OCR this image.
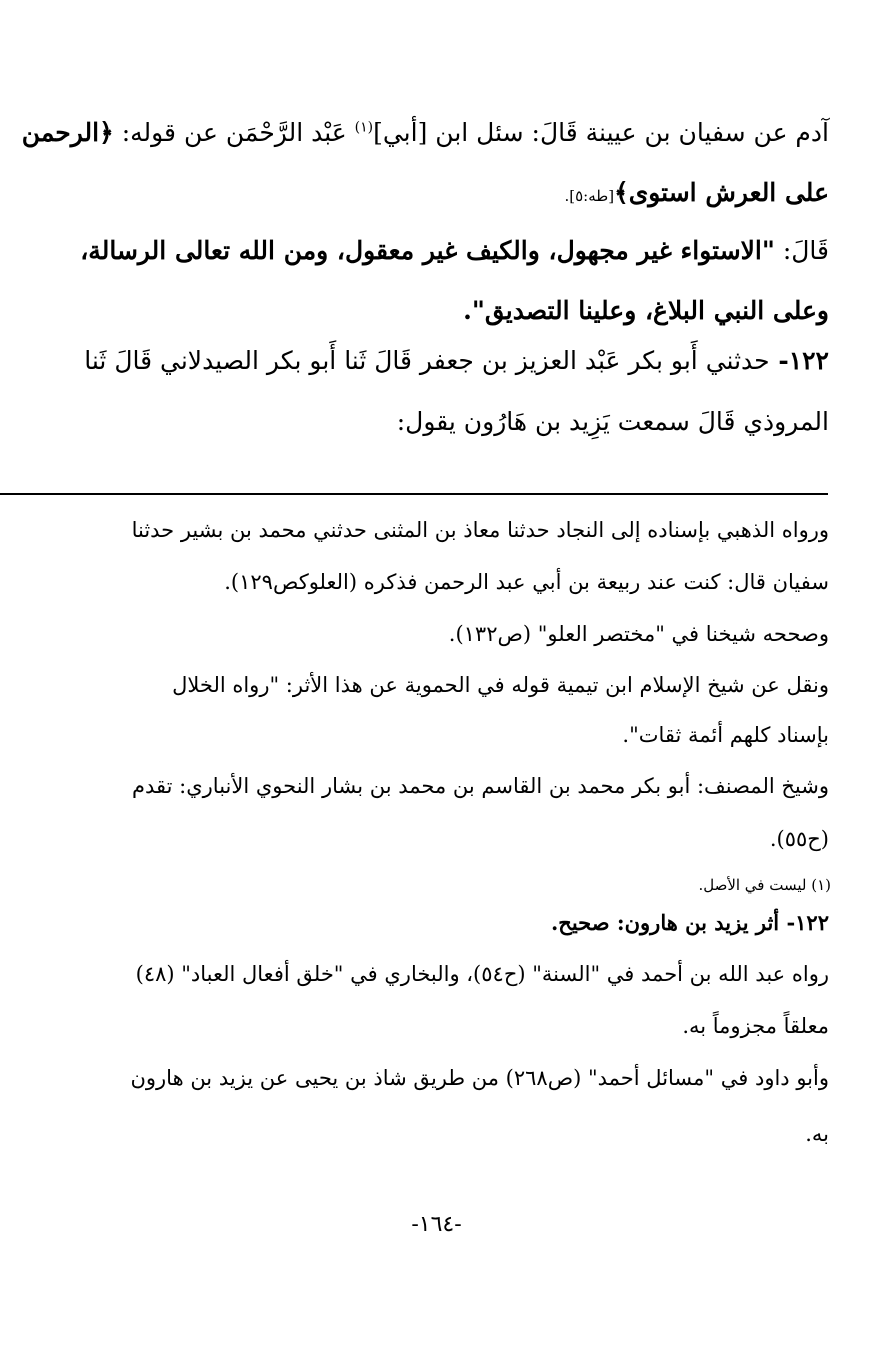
آدم عن سفيان بن عيينة قَالَ: سئل ابن [أبي]$^{(١)}$ عَبْد الرَّحْمَن عن قوله: ﴿الرحمن
على العرش استوى﴾[طه:٥].
قَالَ: "الاستواء غير مجهول، والكيف غير معقول، ومن الله تعالى الرسالة،
وعلى النبي البلاغ، وعلينا التصديق".
١٢٢- حدثني أَبو بكر عَبْد العزيز بن جعفر قَالَ ثَنا أَبو بكر الصيدلاني قَالَ ثَنا
المروذي قَالَ سمعت يَزِيد بن هَارُون يقول:
ورواه الذهبي بإسناده إلى النجاد حدثنا معاذ بن المثنى حدثني محمد بن بشير حدثنا
سفيان قال: كنت عند ربيعة بن أبي عبد الرحمن فذكره (العلوكص١٢٩).
وصححه شيخنا في "مختصر العلو" (ص١٣٢).
ونقل عن شيخ الإسلام ابن تيمية قوله في الحموية عن هذا الأثر: "رواه الخلال
بإسناد كلهم أئمة ثقات".
وشيخ المصنف: أبو بكر محمد بن القاسم بن محمد بن بشار النحوي الأنباري: تقدم
(ح٥٥).
(١) ليست في الأصل.
١٢٢- أثر يزيد بن هارون: صحيح.
رواه عبد الله بن أحمد في "السنة" (ح٥٤)، والبخاري في "خلق أفعال العباد" (٤٨)
معلقاً مجزوماً به.
وأبو داود في "مسائل أحمد" (ص٢٦٨) من طريق شاذ بن يحيى عن يزيد بن هارون
به.
-١٦٤-
